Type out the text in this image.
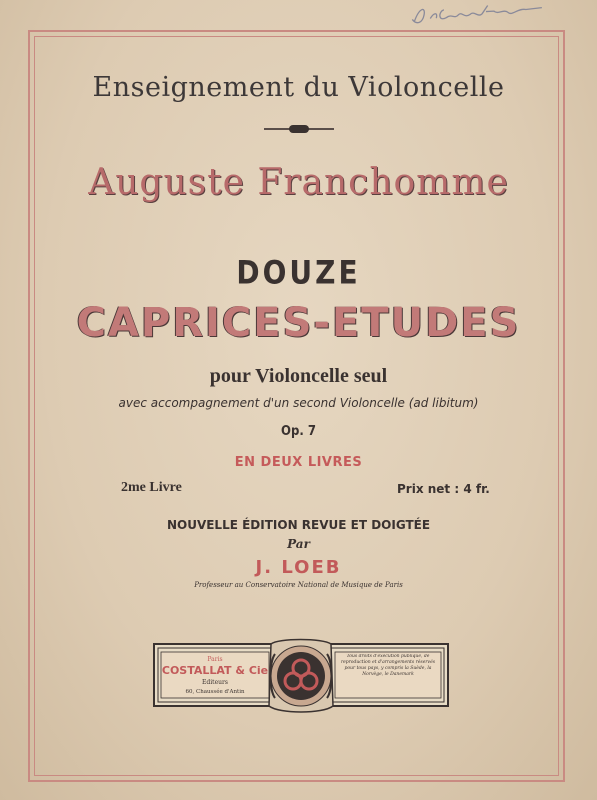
Enseignement du Violoncelle
Auguste Franchomme
DOUZE
CAPRICES-ETUDES
pour Violoncelle seul
avec accompagnement d'un second Violoncelle (ad libitum)
Op. 7
EN DEUX LIVRES
2me Livre	Prix net : 4 fr.
NOUVELLE ÉDITION REVUE ET DOIGTÉE
Par
J. LOEB
Professeur au Conservatoire National de Musique de Paris
Paris
COSTALLAT & Cie
Editeurs
60, Chaussée d'Antin
Tous droits d'exécution publique, de reproduction et d'arrangements réservés pour tous pays, y compris la Suède, la Norvège, le Danemark
